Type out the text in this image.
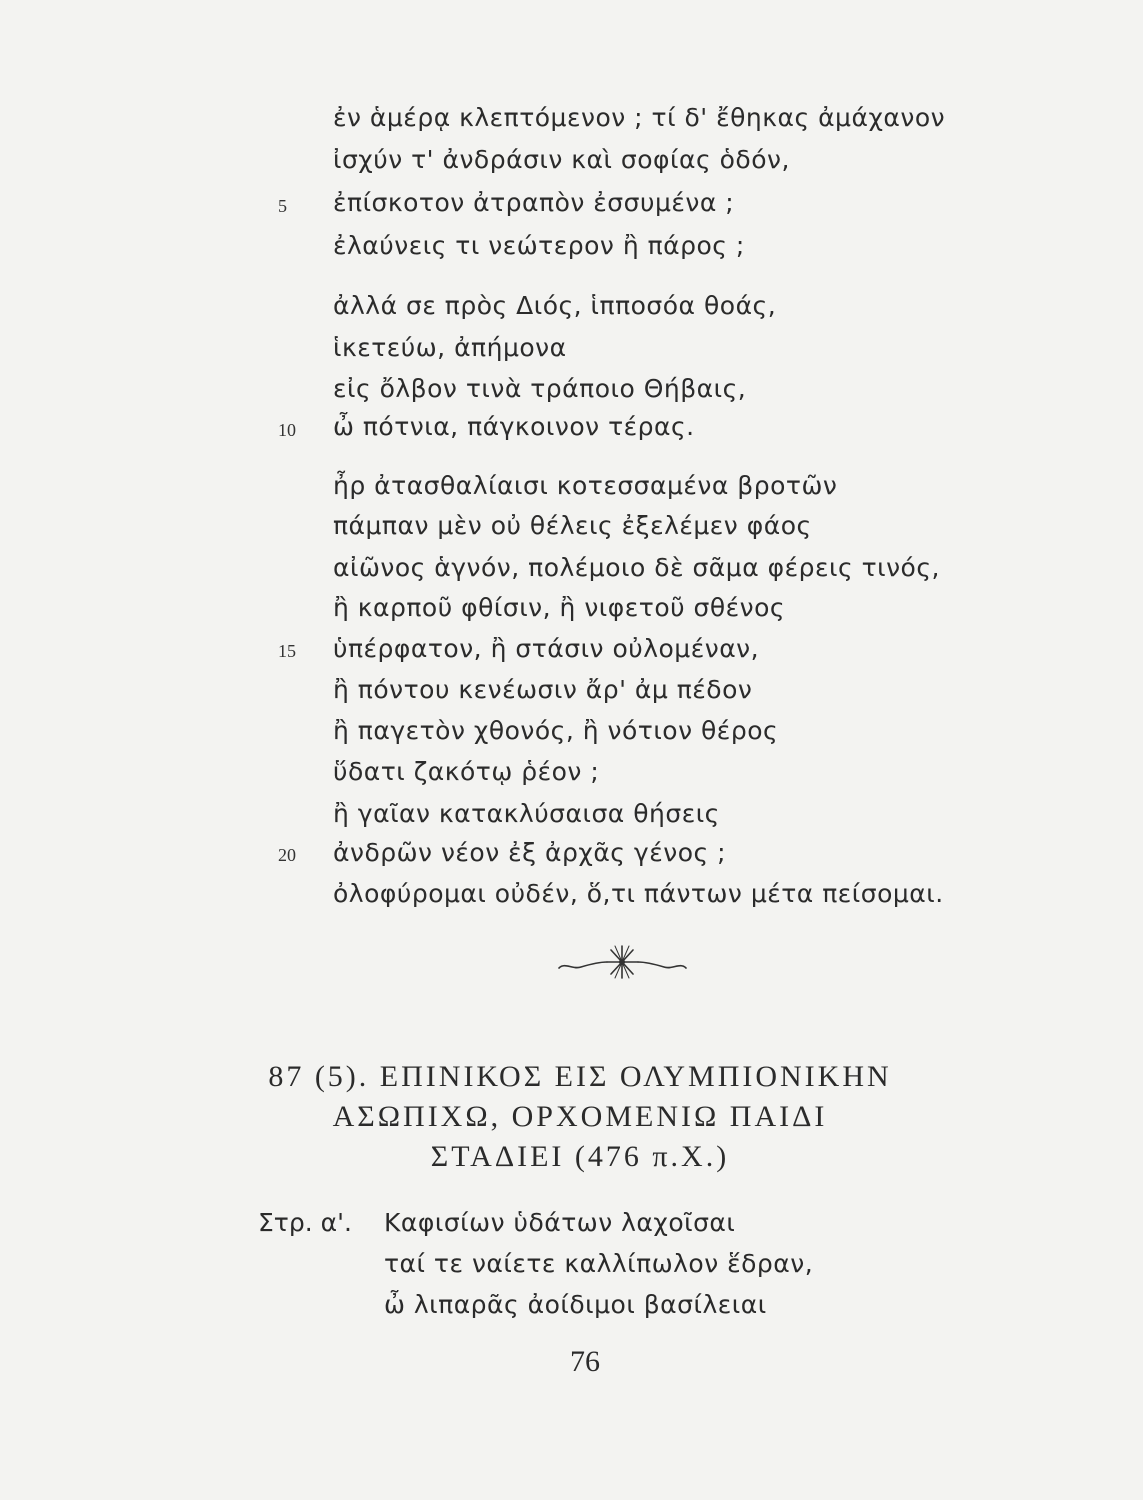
ἐν ἁμέρᾳ κλεπτόμενον ; τί δ' ἔθηκας ἀμάχανον
ἰσχύν τ' ἀνδράσιν καὶ σοφίας ὁδόν,
5 ἐπίσκοτον ἀτραπὸν ἐσσυμένα ;
ἐλαύνεις τι νεώτερον ἢ πάρος ;
ἀλλά σε πρὸς Διός, ἱπποσόα θοάς,
ἱκετεύω, ἀπήμονα
εἰς ὄλβον τινὰ τράποιο Θήβαις,
10 ὦ πότνια, πάγκοινον τέρας.
ἦρ ἀτασθαλίαισι κοτεσσαμένα βροτῶν
πάμπαν μὲν οὐ θέλεις ἐξελέμεν φάος
αἰῶνος ἁγνόν, πολέμοιο δὲ σᾶμα φέρεις τινός,
ἢ καρποῦ φθίσιν, ἢ νιφετοῦ σθένος
15 ὑπέρφατον, ἢ στάσιν οὐλομέναν,
ἢ πόντου κενέωσιν ἄρ' ἀμ πέδον
ἢ παγετὸν χθονός, ἢ νότιον θέρος
ὕδατι ζακότῳ ῥέον ;
ἢ γαῖαν κατακλύσαισα θήσεις
20 ἀνδρῶν νέον ἐξ ἀρχᾶς γένος ;
ὀλοφύρομαι οὐδέν, ὅ,τι πάντων μέτα πείσομαι.
87 (5). ΕΠΙΝΙΚΟΣ ΕΙΣ ΟΛΥΜΠΙΟΝΙΚΗΝ
ΑΣΩΠΙΧΩ, ΟΡΧΟΜΕΝΙΩ ΠΑΙΔΙ
ΣΤΑΔΙΕΙ (476 π.Χ.)
Στρ. α'. Καφισίων ὑδάτων λαχοῖσαι
ταί τε ναίετε καλλίπωλον ἕδραν,
ὦ λιπαρᾶς ἀοίδιμοι βασίλειαι
76
